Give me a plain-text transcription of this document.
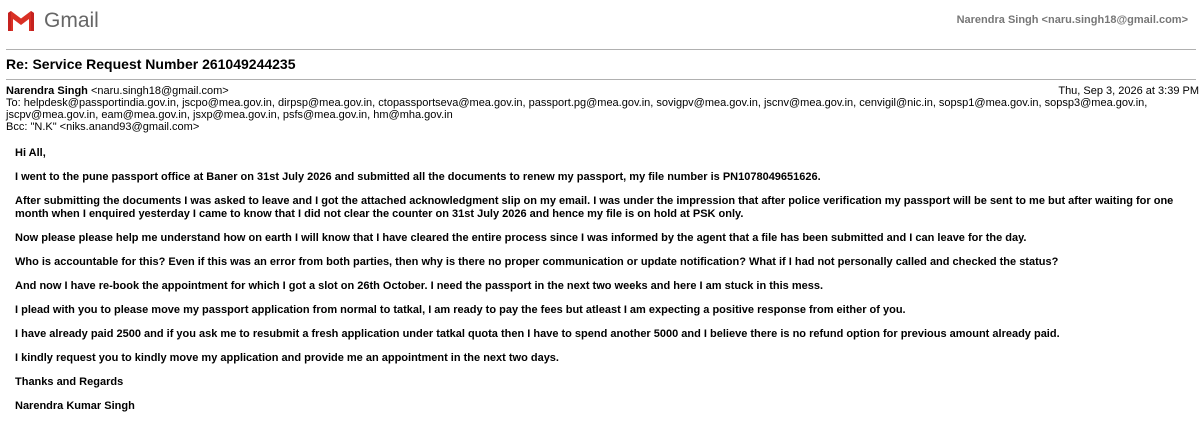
Gmail	Narendra Singh <naru.singh18@gmail.com>
Re: Service Request Number 261049244235
Narendra Singh <naru.singh18@gmail.com>	Thu, Sep 3, 2026 at 3:39 PM
To: helpdesk@passportindia.gov.in, jscpo@mea.gov.in, dirpsp@mea.gov.in, ctopassportseva@mea.gov.in, passport.pg@mea.gov.in, sovigpv@mea.gov.in, jscnv@mea.gov.in, cenvigil@nic.in, sopsp1@mea.gov.in, sopsp3@mea.gov.in, jscpv@mea.gov.in, eam@mea.gov.in, jsxp@mea.gov.in, psfs@mea.gov.in, hm@mha.gov.in
Bcc: "N.K" <niks.anand93@gmail.com>

Hi All,

I went to the pune passport office at Baner on 31st July 2026 and submitted all the documents to renew my passport, my file number is PN1078049651626.

After submitting the documents I was asked to leave and I got the attached acknowledgment slip on my email. I was under the impression that after police verification my passport will be sent to me but after waiting for one month when I enquired yesterday I came to know that I did not clear the counter on 31st July 2026 and hence my file is on hold at PSK only.

Now please please help me understand how on earth I will know that I have cleared the entire process since I was informed by the agent that a file has been submitted and I can leave for the day.

Who is accountable for this? Even if this was an error from both parties, then why is there no proper communication or update notification? What if I had not personally called and checked the status?

And now I have re-book the appointment for which I got a slot on 26th October. I need the passport in the next two weeks and here I am stuck in this mess.

I plead with you to please move my passport application from normal to tatkal, I am ready to pay the fees but atleast I am expecting a positive response from either of you.

I have already paid 2500 and if you ask me to resubmit a fresh application under tatkal quota then I have to spend another 5000 and I believe there is no refund option for previous amount already paid.

I kindly request you to kindly move my application and provide me an appointment in the next two days.

Thanks and Regards

Narendra Kumar Singh
